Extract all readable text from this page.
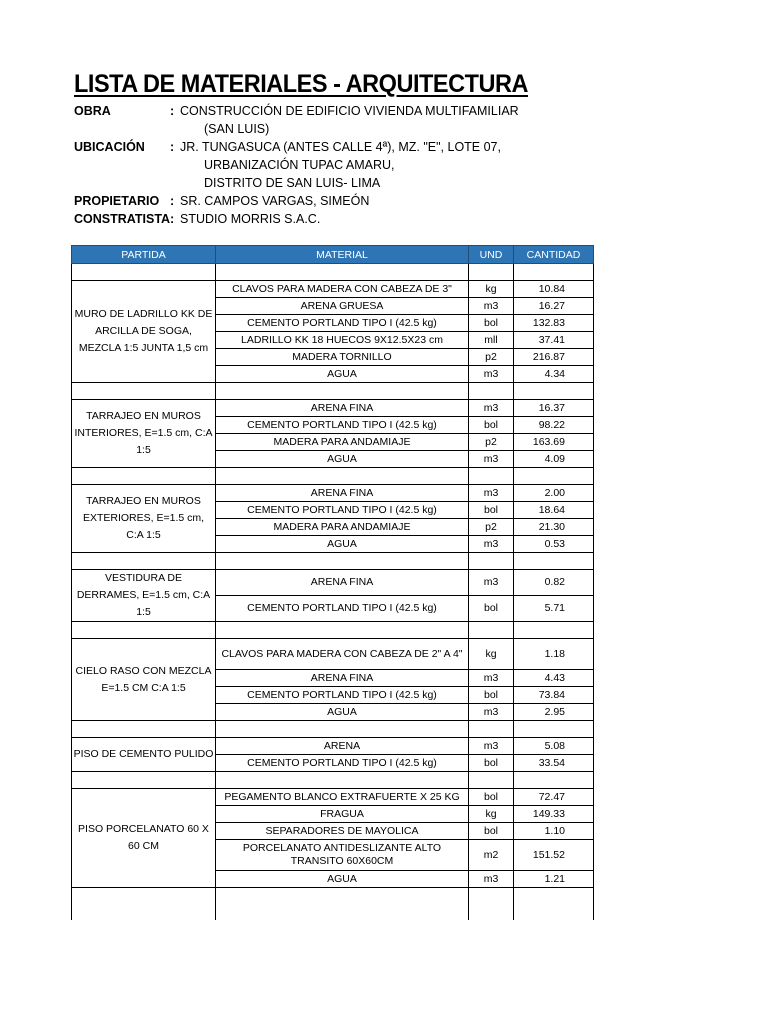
LISTA DE MATERIALES - ARQUITECTURA
OBRA	: CONSTRUCCIÓN DE EDIFICIO VIVIENDA MULTIFAMILIAR
(SAN LUIS)
UBICACIÓN	: JR. TUNGASUCA (ANTES CALLE 4ª), MZ. "E", LOTE 07,
URBANIZACIÓN TUPAC AMARU,
DISTRITO DE SAN LUIS- LIMA
PROPIETARIO : SR. CAMPOS VARGAS, SIMEÓN
CONSTRATISTA : STUDIO MORRIS S.A.C.
PARTIDA	MATERIAL	UND	CANTIDAD

MURO DE LADRILLO KK DE ARCILLA DE SOGA, MEZCLA 1:5 JUNTA 1,5 cm	CLAVOS PARA MADERA CON CABEZA DE 3"	kg	10.84
	ARENA GRUESA	m3	16.27
	CEMENTO PORTLAND TIPO I (42.5 kg)	bol	132.83
	LADRILLO KK 18 HUECOS 9X12.5X23 cm	mll	37.41
	MADERA TORNILLO	p2	216.87
	AGUA	m3	4.34

TARRAJEO EN MUROS INTERIORES, E=1.5 cm, C:A 1:5	ARENA FINA	m3	16.37
	CEMENTO PORTLAND TIPO I (42.5 kg)	bol	98.22
	MADERA PARA ANDAMIAJE	p2	163.69
	AGUA	m3	4.09

TARRAJEO EN MUROS EXTERIORES, E=1.5 cm, C:A 1:5	ARENA FINA	m3	2.00
	CEMENTO PORTLAND TIPO I (42.5 kg)	bol	18.64
	MADERA PARA ANDAMIAJE	p2	21.30
	AGUA	m3	0.53

VESTIDURA DE DERRAMES, E=1.5 cm, C:A 1:5	ARENA FINA	m3	0.82
	CEMENTO PORTLAND TIPO I (42.5 kg)	bol	5.71

CIELO RASO CON MEZCLA E=1.5 CM C:A 1:5	CLAVOS PARA MADERA CON CABEZA DE 2" A 4"	kg	1.18
	ARENA FINA	m3	4.43
	CEMENTO PORTLAND TIPO I (42.5 kg)	bol	73.84
	AGUA	m3	2.95

PISO DE CEMENTO PULIDO	ARENA	m3	5.08
	CEMENTO PORTLAND TIPO I (42.5 kg)	bol	33.54

PISO PORCELANATO 60 X 60 CM	PEGAMENTO BLANCO EXTRAFUERTE X 25 KG	bol	72.47
	FRAGUA	kg	149.33
	SEPARADORES DE MAYOLICA	bol	1.10
	PORCELANATO ANTIDESLIZANTE ALTO TRANSITO 60X60CM	m2	151.52
	AGUA	m3	1.21
